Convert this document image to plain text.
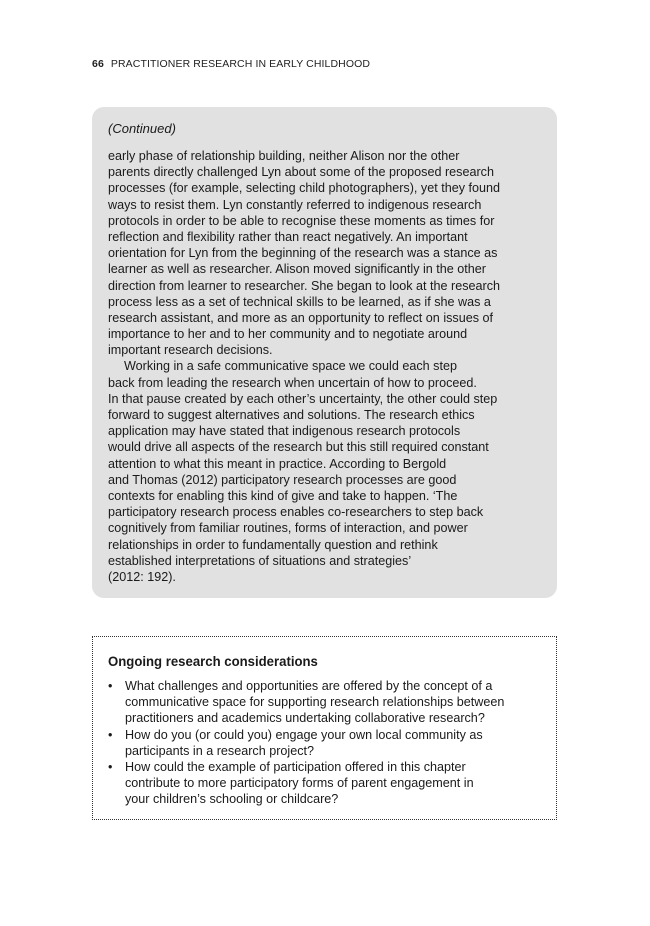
66 PRACTITIONER RESEARCH IN EARLY CHILDHOOD
(Continued)
early phase of relationship building, neither Alison nor the other
parents directly challenged Lyn about some of the proposed research
processes (for example, selecting child photographers), yet they found
ways to resist them. Lyn constantly referred to indigenous research
protocols in order to be able to recognise these moments as times for
reflection and flexibility rather than react negatively. An important
orientation for Lyn from the beginning of the research was a stance as
learner as well as researcher. Alison moved significantly in the other
direction from learner to researcher. She began to look at the research
process less as a set of technical skills to be learned, as if she was a
research assistant, and more as an opportunity to reflect on issues of
importance to her and to her community and to negotiate around
important research decisions.
Working in a safe communicative space we could each step
back from leading the research when uncertain of how to proceed.
In that pause created by each other’s uncertainty, the other could step
forward to suggest alternatives and solutions. The research ethics
application may have stated that indigenous research protocols
would drive all aspects of the research but this still required constant
attention to what this meant in practice. According to Bergold
and Thomas (2012) participatory research processes are good
contexts for enabling this kind of give and take to happen. ‘The
participatory research process enables co-researchers to step back
cognitively from familiar routines, forms of interaction, and power
relationships in order to fundamentally question and rethink
established interpretations of situations and strategies’
(2012: 192).
Ongoing research considerations
• What challenges and opportunities are offered by the concept of a
communicative space for supporting research relationships between
practitioners and academics undertaking collaborative research?
• How do you (or could you) engage your own local community as
participants in a research project?
• How could the example of participation offered in this chapter
contribute to more participatory forms of parent engagement in
your children’s schooling or childcare?
